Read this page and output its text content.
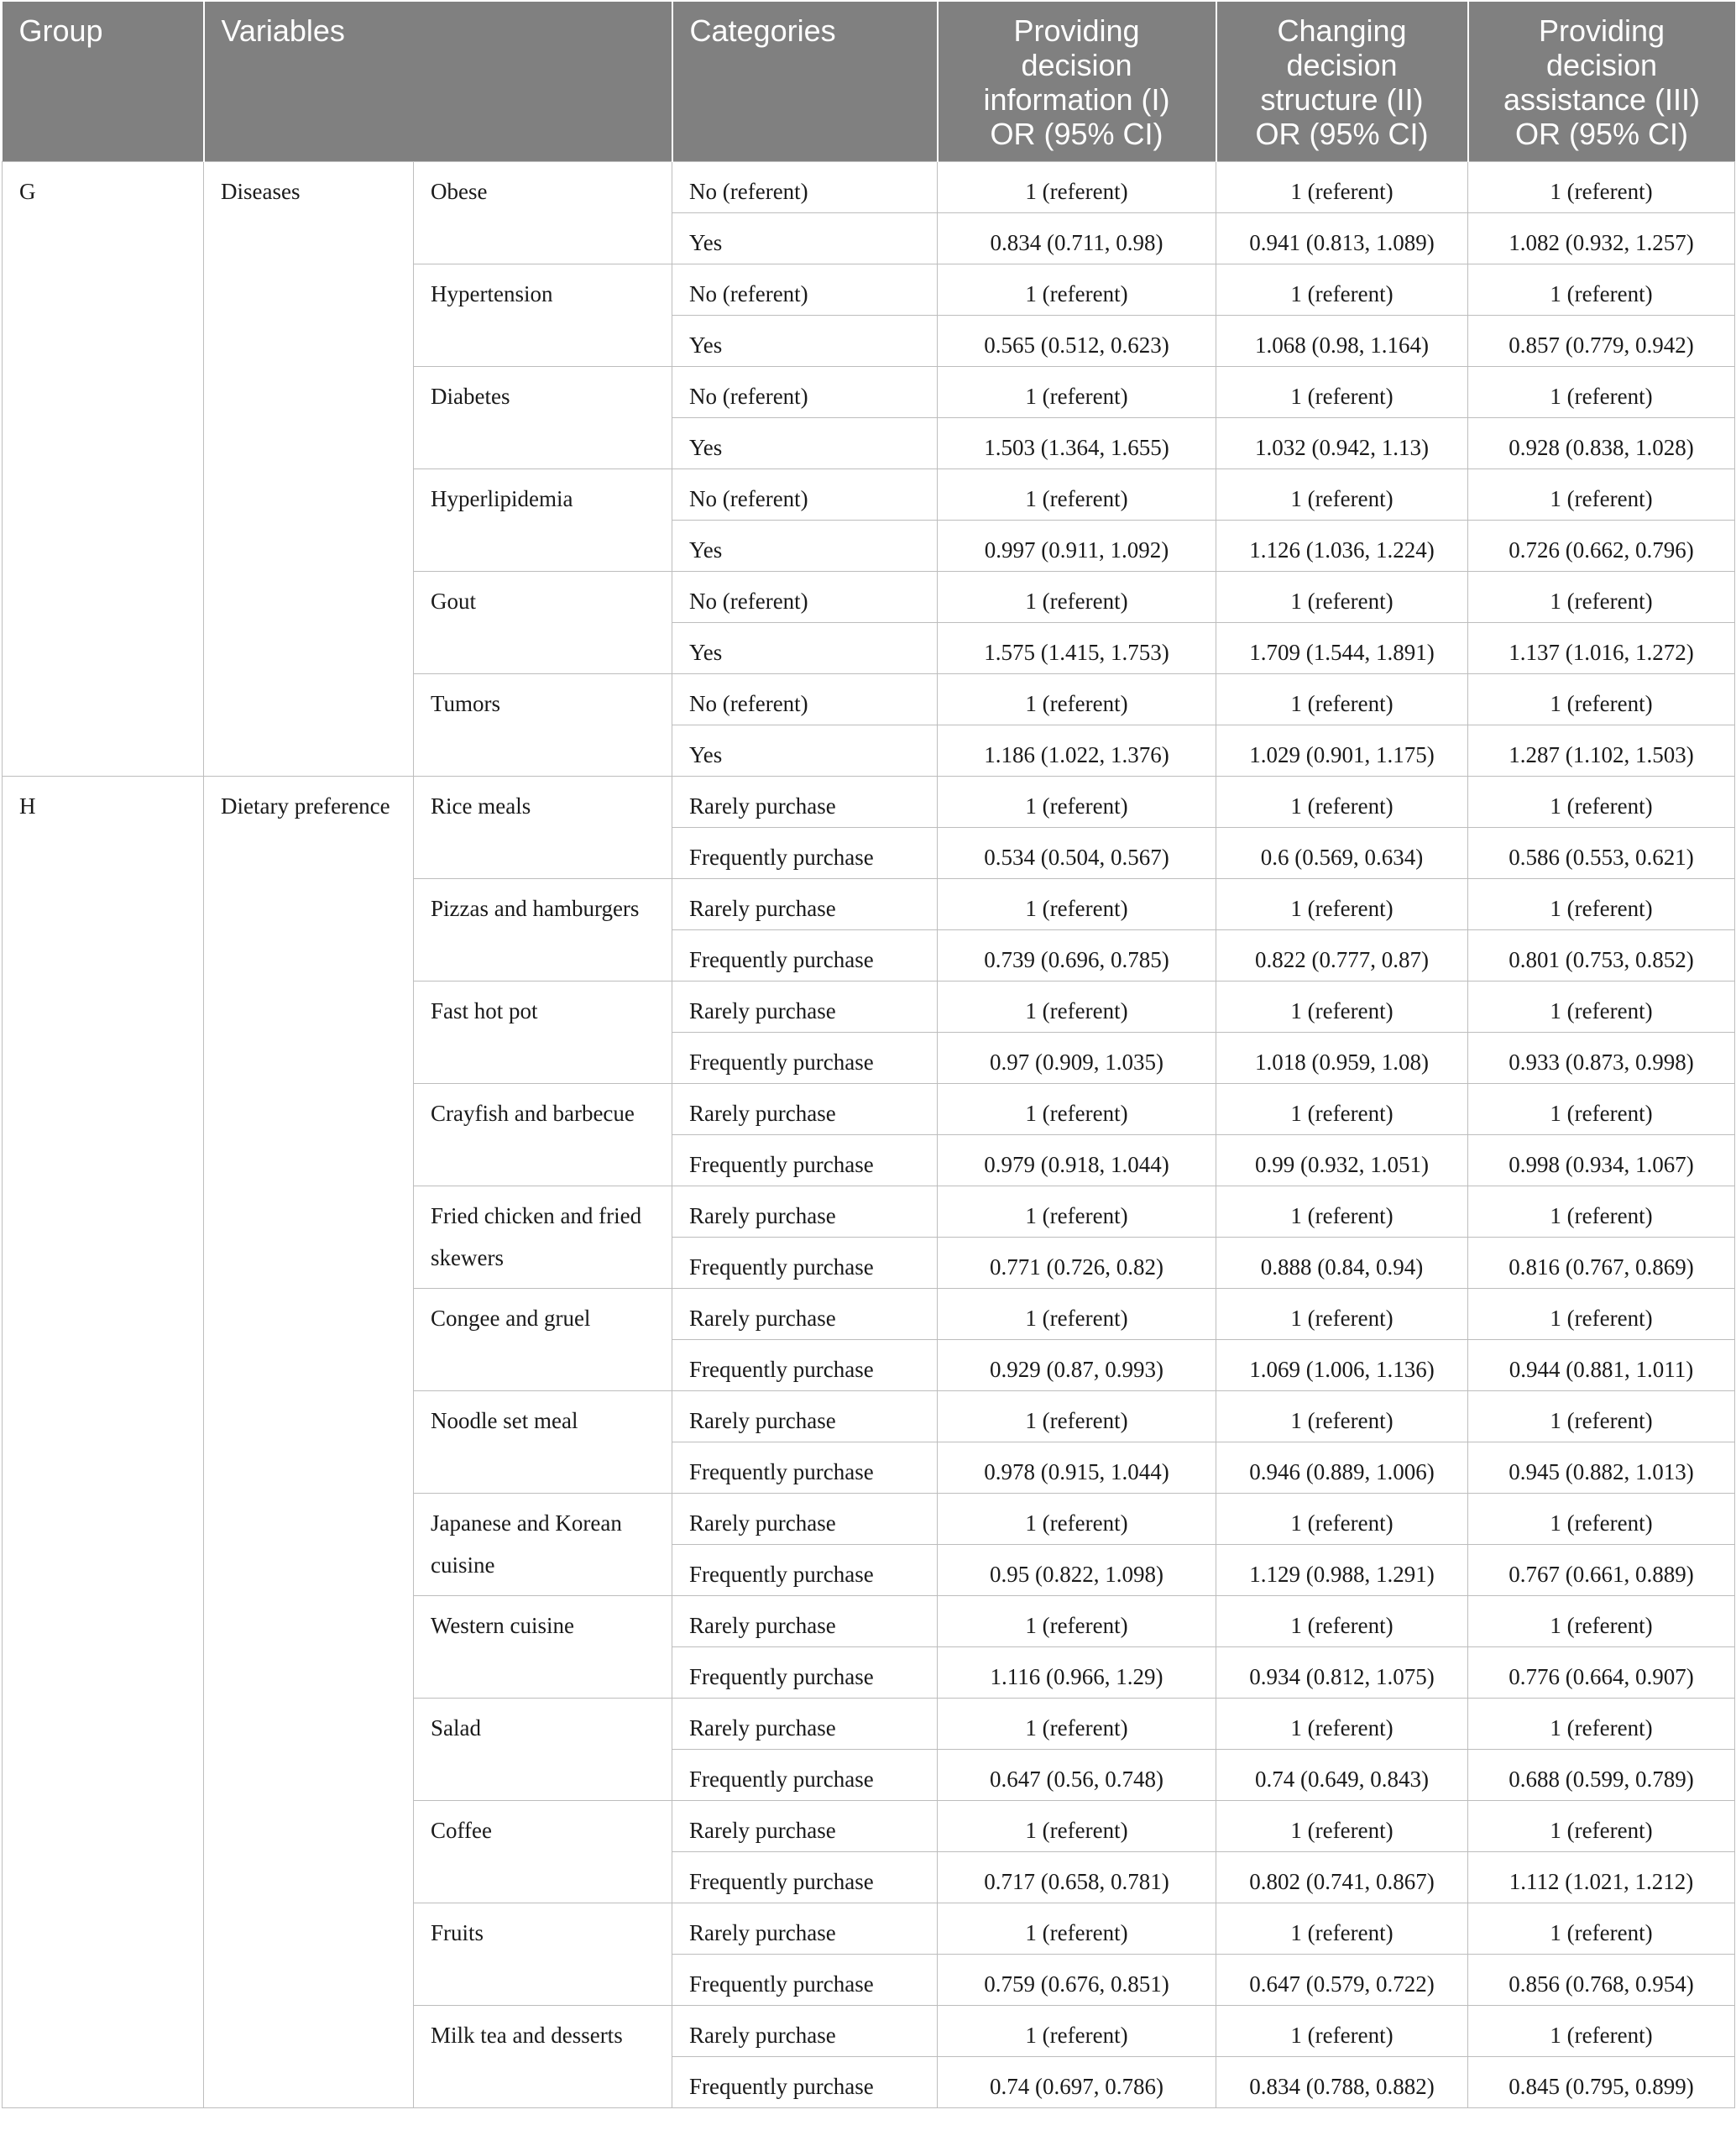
Group	Variables		Categories	Providing
decision
information (I)
OR (95% CI)	Changing
decision
structure (II)
OR (95% CI)	Providing
decision
assistance (III)
OR (95% CI)

G	Diseases	Obese	No (referent)	1 (referent)	1 (referent)	1 (referent)
			Yes	0.834 (0.711, 0.98)	0.941 (0.813, 1.089)	1.082 (0.932, 1.257)
		Hypertension	No (referent)	1 (referent)	1 (referent)	1 (referent)
			Yes	0.565 (0.512, 0.623)	1.068 (0.98, 1.164)	0.857 (0.779, 0.942)
		Diabetes	No (referent)	1 (referent)	1 (referent)	1 (referent)
			Yes	1.503 (1.364, 1.655)	1.032 (0.942, 1.13)	0.928 (0.838, 1.028)
		Hyperlipidemia	No (referent)	1 (referent)	1 (referent)	1 (referent)
			Yes	0.997 (0.911, 1.092)	1.126 (1.036, 1.224)	0.726 (0.662, 0.796)
		Gout	No (referent)	1 (referent)	1 (referent)	1 (referent)
			Yes	1.575 (1.415, 1.753)	1.709 (1.544, 1.891)	1.137 (1.016, 1.272)
		Tumors	No (referent)	1 (referent)	1 (referent)	1 (referent)
			Yes	1.186 (1.022, 1.376)	1.029 (0.901, 1.175)	1.287 (1.102, 1.503)
H	Dietary preference	Rice meals	Rarely purchase	1 (referent)	1 (referent)	1 (referent)
			Frequently purchase	0.534 (0.504, 0.567)	0.6 (0.569, 0.634)	0.586 (0.553, 0.621)
		Pizzas and hamburgers	Rarely purchase	1 (referent)	1 (referent)	1 (referent)
			Frequently purchase	0.739 (0.696, 0.785)	0.822 (0.777, 0.87)	0.801 (0.753, 0.852)
		Fast hot pot	Rarely purchase	1 (referent)	1 (referent)	1 (referent)
			Frequently purchase	0.97 (0.909, 1.035)	1.018 (0.959, 1.08)	0.933 (0.873, 0.998)
		Crayfish and barbecue	Rarely purchase	1 (referent)	1 (referent)	1 (referent)
			Frequently purchase	0.979 (0.918, 1.044)	0.99 (0.932, 1.051)	0.998 (0.934, 1.067)
		Fried chicken and fried skewers	Rarely purchase	1 (referent)	1 (referent)	1 (referent)
			Frequently purchase	0.771 (0.726, 0.82)	0.888 (0.84, 0.94)	0.816 (0.767, 0.869)
		Congee and gruel	Rarely purchase	1 (referent)	1 (referent)	1 (referent)
			Frequently purchase	0.929 (0.87, 0.993)	1.069 (1.006, 1.136)	0.944 (0.881, 1.011)
		Noodle set meal	Rarely purchase	1 (referent)	1 (referent)	1 (referent)
			Frequently purchase	0.978 (0.915, 1.044)	0.946 (0.889, 1.006)	0.945 (0.882, 1.013)
		Japanese and Korean cuisine	Rarely purchase	1 (referent)	1 (referent)	1 (referent)
			Frequently purchase	0.95 (0.822, 1.098)	1.129 (0.988, 1.291)	0.767 (0.661, 0.889)
		Western cuisine	Rarely purchase	1 (referent)	1 (referent)	1 (referent)
			Frequently purchase	1.116 (0.966, 1.29)	0.934 (0.812, 1.075)	0.776 (0.664, 0.907)
		Salad	Rarely purchase	1 (referent)	1 (referent)	1 (referent)
			Frequently purchase	0.647 (0.56, 0.748)	0.74 (0.649, 0.843)	0.688 (0.599, 0.789)
		Coffee	Rarely purchase	1 (referent)	1 (referent)	1 (referent)
			Frequently purchase	0.717 (0.658, 0.781)	0.802 (0.741, 0.867)	1.112 (1.021, 1.212)
		Fruits	Rarely purchase	1 (referent)	1 (referent)	1 (referent)
			Frequently purchase	0.759 (0.676, 0.851)	0.647 (0.579, 0.722)	0.856 (0.768, 0.954)
		Milk tea and desserts	Rarely purchase	1 (referent)	1 (referent)	1 (referent)
			Frequently purchase	0.74 (0.697, 0.786)	0.834 (0.788, 0.882)	0.845 (0.795, 0.899)
